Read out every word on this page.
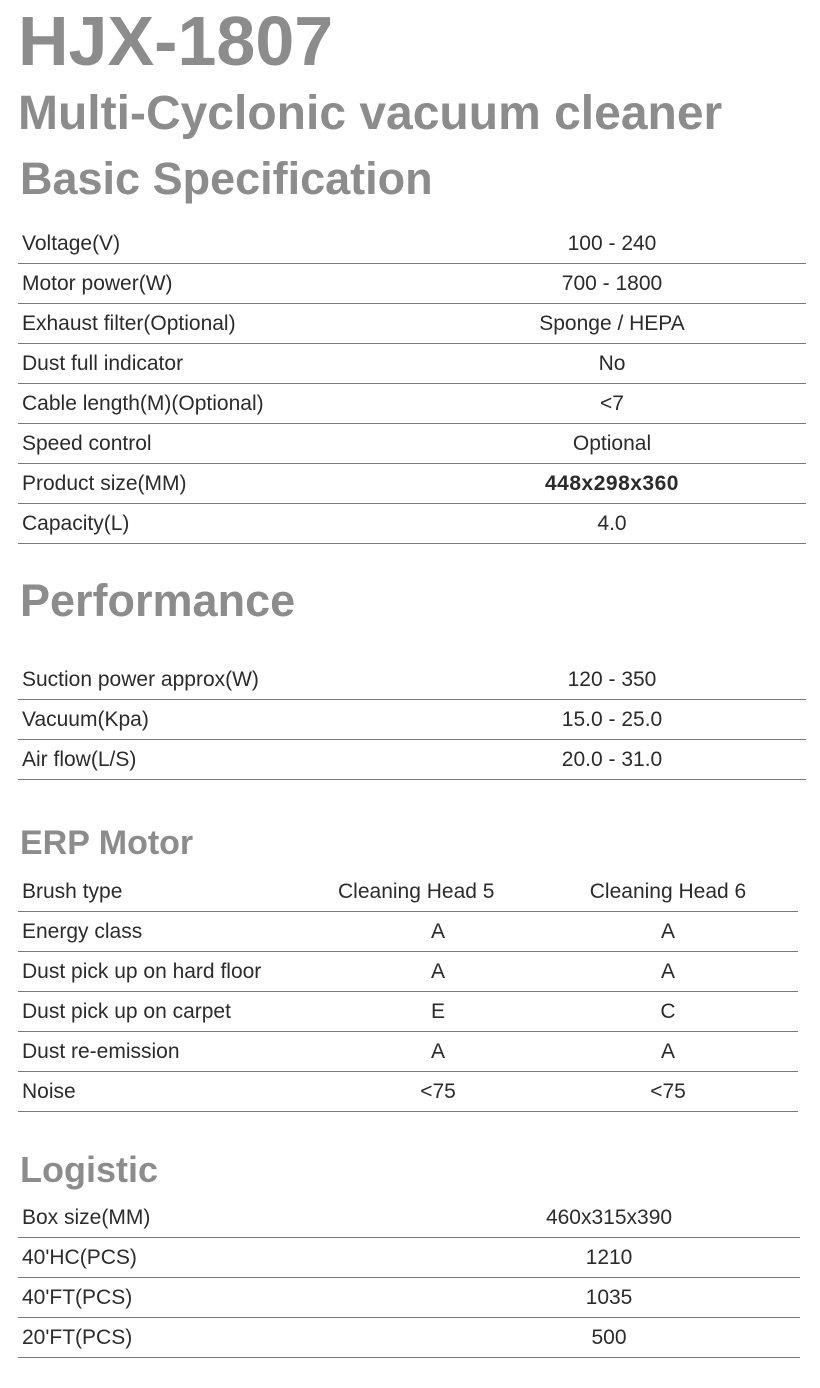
HJX-1807
Multi-Cyclonic vacuum cleaner
Basic Specification
Voltage(V)	100 - 240
Motor power(W)	700 - 1800
Exhaust filter(Optional)	Sponge / HEPA
Dust full indicator	No
Cable length(M)(Optional)	<7
Speed control	Optional
Product size(MM)	448x298x360
Capacity(L)	4.0
Performance
Suction power approx(W)	120 - 350
Vacuum(Kpa)	15.0 - 25.0
Air flow(L/S)	20.0 - 31.0
ERP Motor
Brush type	Cleaning Head 5	Cleaning Head 6
Energy class	A	A
Dust pick up on hard floor	A	A
Dust pick up on carpet	E	C
Dust re-emission	A	A
Noise	<75	<75
Logistic
Box size(MM)	460x315x390
40'HC(PCS)	1210
40'FT(PCS)	1035
20'FT(PCS)	500
